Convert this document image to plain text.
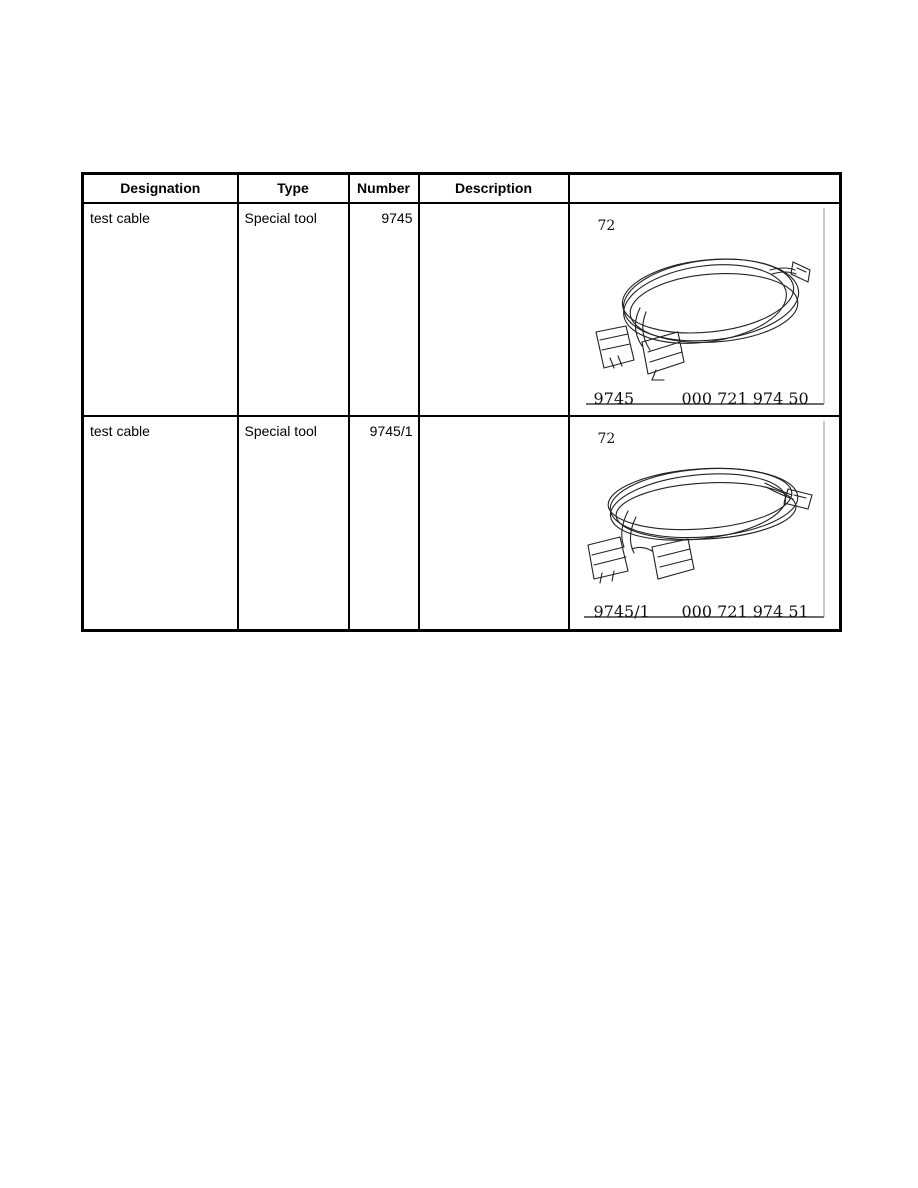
Designation	Type	Number	Description	

test cable	Special tool	9745		72
9745 000 721 974 50

test cable	Special tool	9745/1		72
9745/1 000 721 974 51
